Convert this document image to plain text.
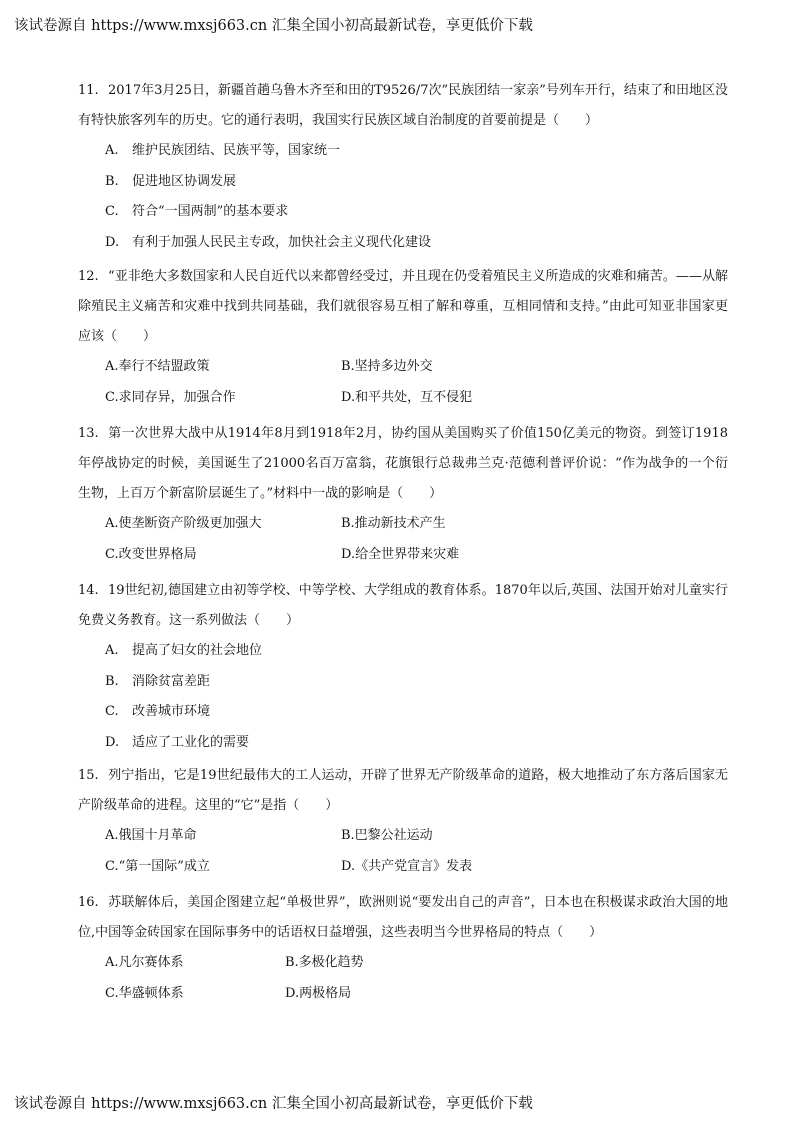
该试卷源自 https://www.mxsj663.cn 汇集全国小初高最新试卷，享更低价下载
11. 2017年3月25日，新疆首趟乌鲁木齐至和田的T9526/7次”民族团结一家亲”号列车开行，结束了和田地区没有特快旅客列车的历史。它的通行表明，我国实行民族区域自治制度的首要前提是（　　）
A. 维护民族团结、民族平等，国家统一
B. 促进地区协调发展
C. 符合“一国两制”的基本要求
D. 有利于加强人民民主专政，加快社会主义现代化建设
12. “亚非绝大多数国家和人民自近代以来都曾经受过，并且现在仍受着殖民主义所造成的灾难和痛苦。——从解除殖民主义痛苦和灾难中找到共同基础，我们就很容易互相了解和尊重，互相同情和支持。”由此可知亚非国家更应该（　　）
A.奉行不结盟政策	B.坚持多边外交
C.求同存异，加强合作	D.和平共处，互不侵犯
13. 第一次世界大战中从1914年8月到1918年2月，协约国从美国购买了价值150亿美元的物资。到签订1918年停战协定的时候，美国诞生了21000名百万富翁，花旗银行总裁弗兰克·范德利普评价说：“作为战争的一个衍生物，上百万个新富阶层诞生了。”材料中一战的影响是（　　）
A.使垄断资产阶级更加强大	B.推动新技术产生
C.改变世界格局	D.给全世界带来灾难
14. 19世纪初,德国建立由初等学校、中等学校、大学组成的教育体系。1870年以后,英国、法国开始对儿童实行免费义务教育。这一系列做法（　　）
A. 提高了妇女的社会地位
B. 消除贫富差距
C. 改善城市环境
D. 适应了工业化的需要
15. 列宁指出，它是19世纪最伟大的工人运动，开辟了世界无产阶级革命的道路，极大地推动了东方落后国家无产阶级革命的进程。这里的“它”是指（　　）
A.俄国十月革命	B.巴黎公社运动
C.“第一国际”成立	D.《共产党宣言》发表
16. 苏联解体后，美国企图建立起“单极世界”，欧洲则说“要发出自己的声音”，日本也在积极谋求政治大国的地位,中国等金砖国家在国际事务中的话语权日益增强，这些表明当今世界格局的特点（　　）
A.凡尔赛体系	B.多极化趋势
C.华盛顿体系	D.两极格局
该试卷源自 https://www.mxsj663.cn 汇集全国小初高最新试卷，享更低价下载
